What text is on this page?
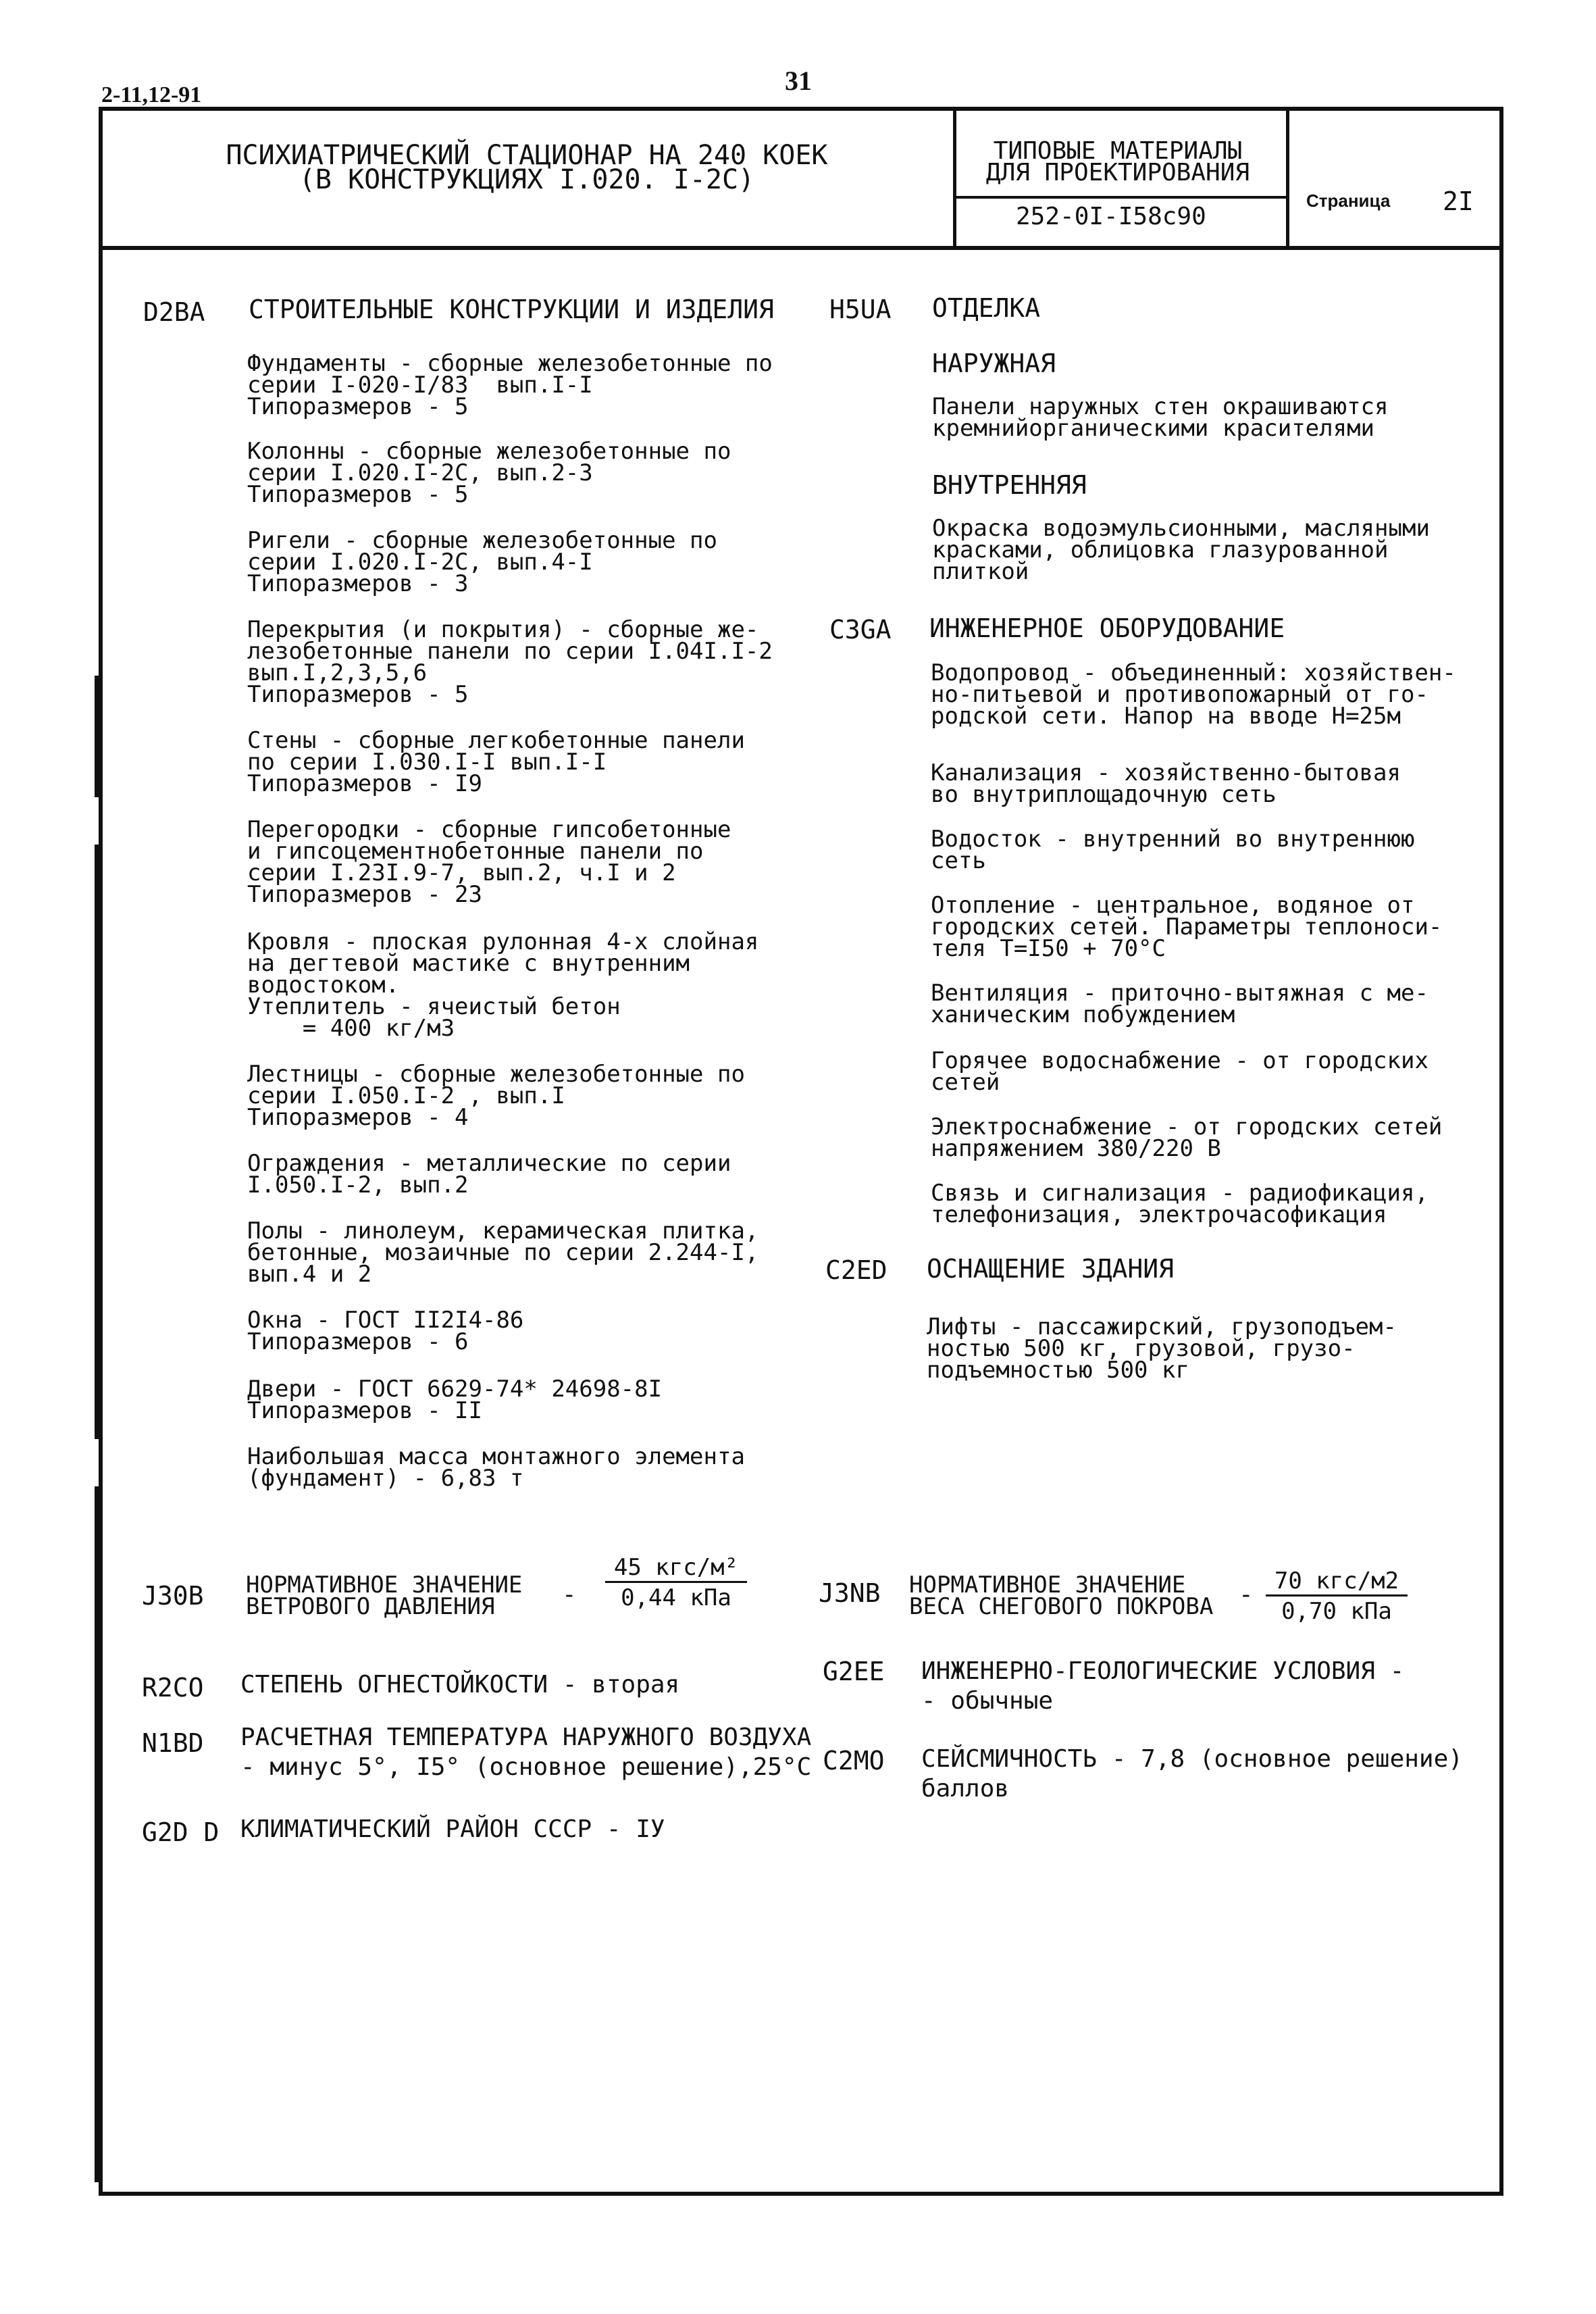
2-11,12-91	31
ПСИХИАТРИЧЕСКИЙ СТАЦИОНАР НА 240 КОЕК
(В КОНСТРУКЦИЯХ I.020. I-2C)
ТИПОВЫЕ МАТЕРИАЛЫ
ДЛЯ ПРОЕКТИРОВАНИЯ
252-0I-I58c90
Страница 2I
D2BA СТРОИТЕЛЬНЫЕ КОНСТРУКЦИИ И ИЗДЕЛИЯ
Фундаменты - сборные железобетонные по
серии I-020-I/83  вып.I-I
Типоразмеров - 5
Колонны - сборные железобетонные по
серии I.020.I-2C, вып.2-3
Типоразмеров - 5
Ригели - сборные железобетонные по
серии I.020.I-2C, вып.4-I
Типоразмеров - 3
Перекрытия (и покрытия) - сборные же-
лезобетонные панели по серии I.04I.I-2
вып.I,2,3,5,6
Типоразмеров - 5
Стены - сборные легкобетонные панели
по серии I.030.I-I вып.I-I
Типоразмеров - I9
Перегородки - сборные гипсобетонные
и гипсоцементнобетонные панели по
серии I.23I.9-7, вып.2, ч.I и 2
Типоразмеров - 23
Кровля - плоская рулонная 4-х слойная
на дегтевой мастике с внутренним
водостоком.
Утеплитель - ячеистый бетон
= 400 кг/м3
Лестницы - сборные железобетонные по
серии I.050.I-2 , вып.I
Типоразмеров - 4
Ограждения - металлические по серии
I.050.I-2, вып.2
Полы - линолеум, керамическая плитка,
бетонные, мозаичные по серии 2.244-I,
вып.4 и 2
Окна - ГОСТ II2I4-86
Типоразмеров - 6
Двери - ГОСТ 6629-74* 24698-8I
Типоразмеров - II
Наибольшая масса монтажного элемента
(фундамент) - 6,83 т
H5UA ОТДЕЛКА
НАРУЖНАЯ
Панели наружных стен окрашиваются
кремнийорганическими красителями
ВНУТРЕННЯЯ
Окраска водоэмульсионными, масляными
красками, облицовка глазурованной
плиткой
C3GA ИНЖЕНЕРНОЕ ОБОРУДОВАНИЕ
Водопровод - объединенный: хозяйствен-
но-питьевой и противопожарный от го-
родской сети. Напор на вводе H=25м
Канализация - хозяйственно-бытовая
во внутриплощадочную сеть
Водосток - внутренний во внутреннюю
сеть
Отопление - центральное, водяное от
городских сетей. Параметры теплоноси-
теля T=I50 + 70°C
Вентиляция - приточно-вытяжная с ме-
ханическим побуждением
Горячее водоснабжение - от городских
сетей
Электроснабжение - от городских сетей
напряжением 380/220 B
Связь и сигнализация - радиофикация,
телефонизация, электрочасофикация
C2ED ОСНАЩЕНИЕ ЗДАНИЯ
Лифты - пассажирский, грузоподъем-
ностью 500 кг, грузовой, грузо-
подъемностью 500 кг
J30B НОРМАТИВНОЕ ЗНАЧЕНИЕ
ВЕТРОВОГО ДАВЛЕНИЯ	-
45 кгс/м²
0,44 кПа	J3NB НОРМАТИВНОЕ ЗНАЧЕНИЕ
ВЕСА СНЕГОВОГО ПОКРОВА - 70 кгс/м2
0,70 кПа
R2CO СТЕПЕНЬ ОГНЕСТОЙКОСТИ - вторая	G2EE ИНЖЕНЕРНО-ГЕОЛОГИЧЕСКИЕ УСЛОВИЯ -
- обычные
N1BD РАСЧЕТНАЯ ТЕМПЕРАТУРА НАРУЖНОГО ВОЗДУХА
- минус 5°, I5° (основное решение),25°C C2MO СЕЙСМИЧНОСТЬ - 7,8 (основное решение)
баллов
G2D D КЛИМАТИЧЕСКИЙ РАЙОН СССР - IУ
